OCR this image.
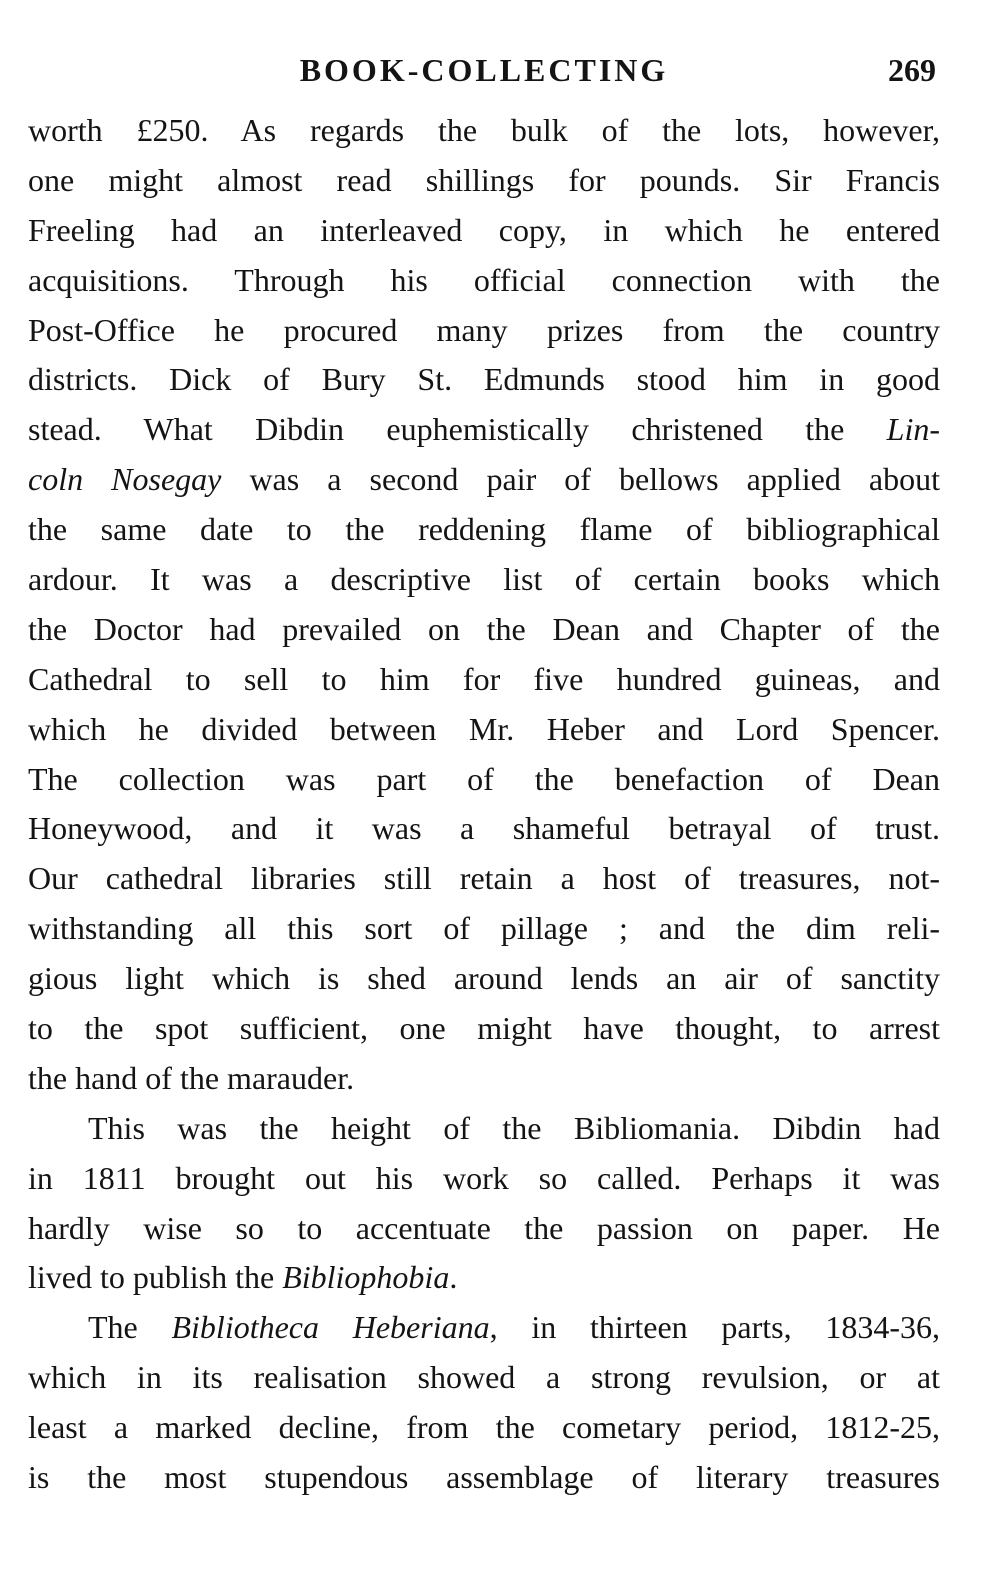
BOOK-COLLECTING	269
worth £250. As regards the bulk of the lots, however,
one might almost read shillings for pounds. Sir Francis
Freeling had an interleaved copy, in which he entered
acquisitions. Through his official connection with the
Post-Office he procured many prizes from the country
districts. Dick of Bury St. Edmunds stood him in good
stead. What Dibdin euphemistically christened the Lin-
coln Nosegay was a second pair of bellows applied about
the same date to the reddening flame of bibliographical
ardour. It was a descriptive list of certain books which
the Doctor had prevailed on the Dean and Chapter of the
Cathedral to sell to him for five hundred guineas, and
which he divided between Mr. Heber and Lord Spencer.
The collection was part of the benefaction of Dean
Honeywood, and it was a shameful betrayal of trust.
Our cathedral libraries still retain a host of treasures, not-
withstanding all this sort of pillage ; and the dim reli-
gious light which is shed around lends an air of sanctity
to the spot sufficient, one might have thought, to arrest
the hand of the marauder.
This was the height of the Bibliomania. Dibdin had
in 1811 brought out his work so called. Perhaps it was
hardly wise so to accentuate the passion on paper. He
lived to publish the Bibliophobia.
The Bibliotheca Heberiana, in thirteen parts, 1834-36,
which in its realisation showed a strong revulsion, or at
least a marked decline, from the cometary period, 1812-25,
is the most stupendous assemblage of literary treasures
